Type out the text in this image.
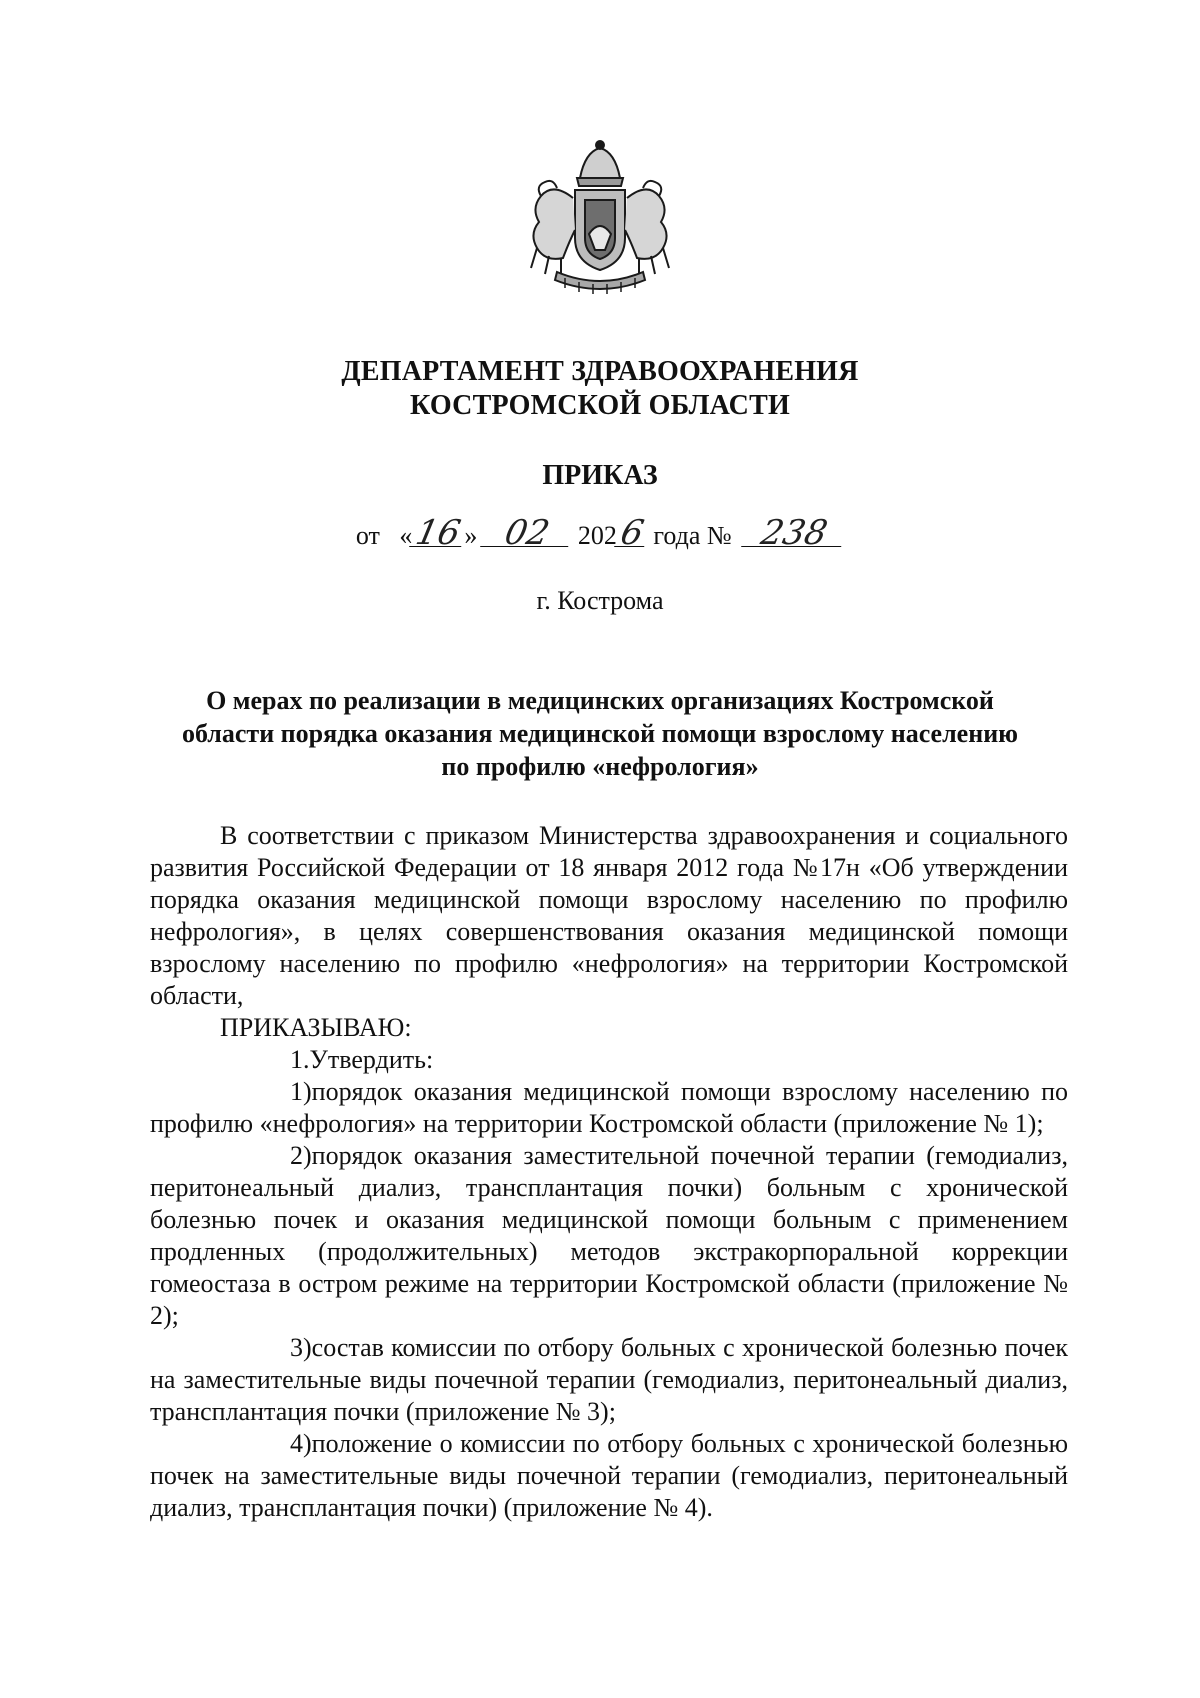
ДЕПАРТАМЕНТ ЗДРАВООХРАНЕНИЯ
КОСТРОМСКОЙ ОБЛАСТИ
ПРИКАЗ
от «16» 02 2026 года № 238
г. Кострома
О мерах по реализации в медицинских организациях Костромской
области порядка оказания медицинской помощи взрослому населению
по профилю «нефрология»

В соответствии с приказом Министерства здравоохранения и социального развития Российской Федерации от 18 января 2012 года №17н «Об утверждении порядка оказания медицинской помощи взрослому населению по профилю нефрология», в целях совершенствования оказания медицинской помощи взрослому населению по профилю «нефрология» на территории Костромской области,

ПРИКАЗЫВАЮ:

1.Утвердить:

1)порядок оказания медицинской помощи взрослому населению по профилю «нефрология» на территории Костромской области (приложение № 1);

2)порядок оказания заместительной почечной терапии (гемодиализ, перитонеальный диализ, трансплантация почки) больным с хронической болезнью почек и оказания медицинской помощи больным с применением продленных (продолжительных) методов экстракорпоральной коррекции гомеостаза в остром режиме на территории Костромской области (приложение № 2);

3)состав комиссии по отбору больных с хронической болезнью почек на заместительные виды почечной терапии (гемодиализ, перитонеальный диализ, трансплантация почки (приложение № 3);

4)положение о комиссии по отбору больных с хронической болезнью почек на заместительные виды почечной терапии (гемодиализ, перитонеальный диализ, трансплантация почки) (приложение № 4).
